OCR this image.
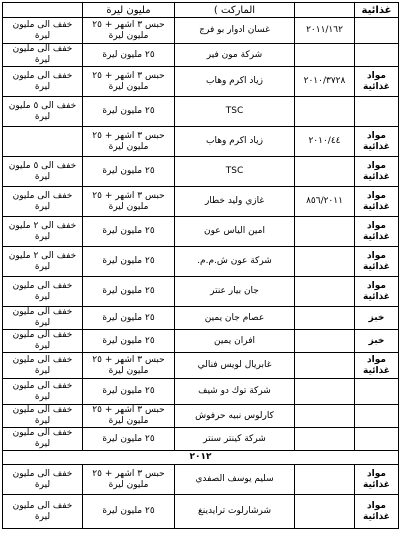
غذائية		الماركت )	مليون ليرة	
	٢٠١١/١٦٢	غسان ادوار بو فرج	حبس ٣ اشهر + ٢٥ مليون ليرة	خفف الى مليون ليرة
		شركة مون فير	٢٥ مليون ليرة	خفف الى مليون ليرة
مواد غذائية	٢٠١٠/٣٧٢٨	زياد اكرم وهاب	حبس ٣ اشهر + ٢٥ مليون ليرة	خفف الى مليون ليرة
		TSC	٢٥ مليون ليرة	خفف الى ٥ مليون ليرة
مواد غذائية	٢٠١٠/٤٤	زياد اكرم وهاب	حبس ٣ اشهر + ٢٥ مليون ليرة	
مواد غذائية		TSC	٢٥ مليون ليرة	خفف الى ٥ مليون ليرة
مواد غذائية	٨٥٦/٢٠١١	غازي وليد خطار	حبس ٣ اشهر + ٢٥ مليون ليرة	خفف الى مليون ليرة
مواد غذائية		امين الياس عون	٢٥ مليون ليرة	خفف الى ٢ مليون ليرة
مواد غذائية		شركة عون ش.م.م.	٢٥ مليون ليرة	خفف الى ٢ مليون ليرة
مواد غذائية		جان بيار عنتر	٢٥ مليون ليرة	خفف الى مليون ليرة
خبز		عصام جان يمين	٢٥ مليون ليرة	خفف الى مليون ليرة
خبز		افران يمين	٢٥ مليون ليرة	خفف الى مليون ليرة
مواد غذائية		غابريال لويس فنالي	حبس ٣ اشهر + ٢٥ مليون ليرة	خفف الى مليون ليرة
		شركة توك دو شيف	٢٥ مليون ليرة	خفف الى مليون ليرة
		كارلوس نبيه حرفوش	حبس ٣ اشهر + ٢٥ مليون ليرة	خفف الى مليون ليرة
		شركة كينتر سنتر	٢٥ مليون ليرة	خفف الى مليون ليرة
٢٠١٢				
مواد غذائية		سليم يوسف الصفدي	حبس ٣ اشهر + ٢٥ مليون ليرة	خفف الى مليون ليرة
مواد غذائية		شرشارلوت ترايدينغ	٢٥ مليون ليرة	خفف الى مليون ليرة
